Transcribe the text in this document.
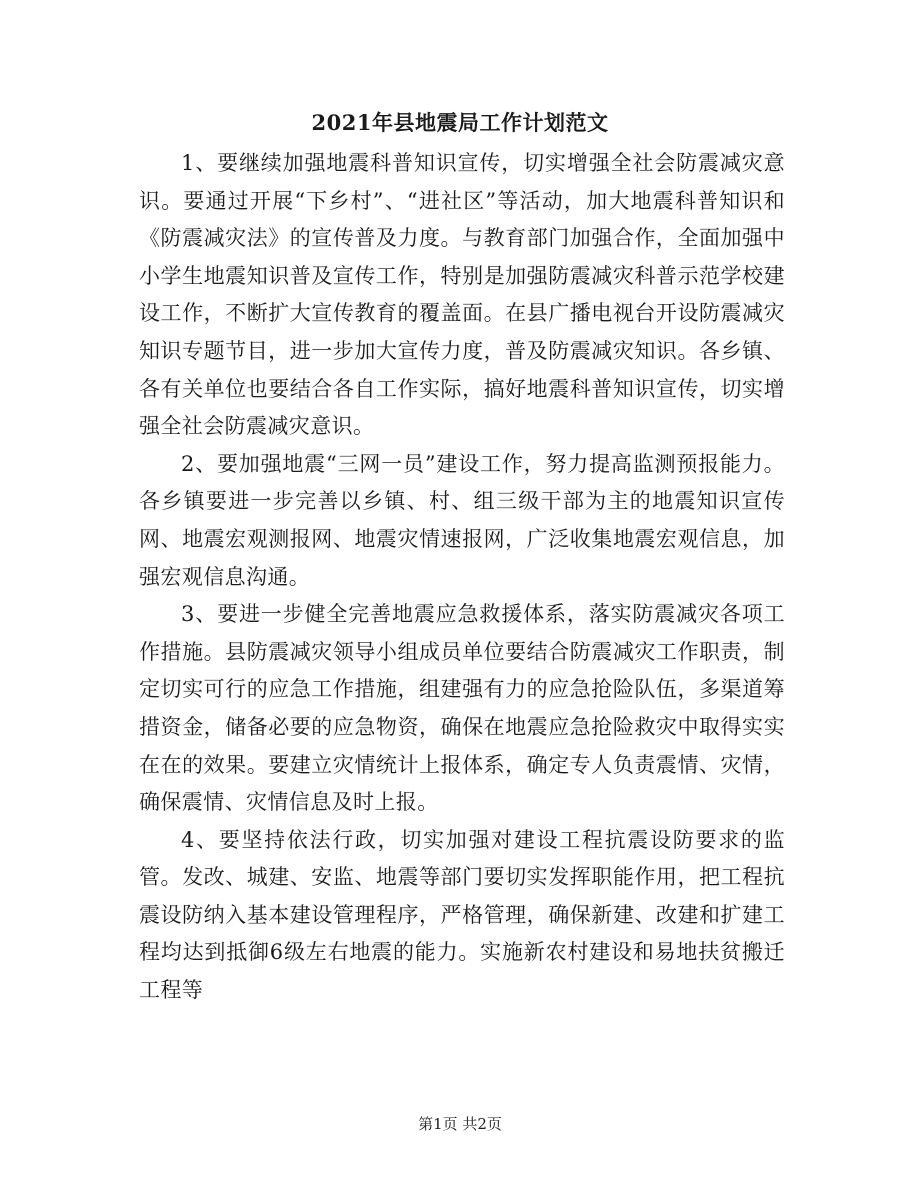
2021年县地震局工作计划范文

1、要继续加强地震科普知识宣传，切实增强全社会防震减灾意识。要通过开展“下乡村”、“进社区”等活动，加大地震科普知识和《防震减灾法》的宣传普及力度。与教育部门加强合作，全面加强中小学生地震知识普及宣传工作，特别是加强防震减灾科普示范学校建设工作，不断扩大宣传教育的覆盖面。在县广播电视台开设防震减灾知识专题节目，进一步加大宣传力度，普及防震减灾知识。各乡镇、各有关单位也要结合各自工作实际，搞好地震科普知识宣传，切实增强全社会防震减灾意识。

2、要加强地震“三网一员”建设工作，努力提高监测预报能力。各乡镇要进一步完善以乡镇、村、组三级干部为主的地震知识宣传网、地震宏观测报网、地震灾情速报网，广泛收集地震宏观信息，加强宏观信息沟通。

3、要进一步健全完善地震应急救援体系，落实防震减灾各项工作措施。县防震减灾领导小组成员单位要结合防震减灾工作职责，制定切实可行的应急工作措施，组建强有力的应急抢险队伍，多渠道筹措资金，储备必要的应急物资，确保在地震应急抢险救灾中取得实实在在的效果。要建立灾情统计上报体系，确定专人负责震情、灾情，确保震情、灾情信息及时上报。

4、要坚持依法行政，切实加强对建设工程抗震设防要求的监管。发改、城建、安监、地震等部门要切实发挥职能作用，把工程抗震设防纳入基本建设管理程序，严格管理，确保新建、改建和扩建工程均达到抵御6级左右地震的能力。实施新农村建设和易地扶贫搬迁工程等

第1页 共2页
